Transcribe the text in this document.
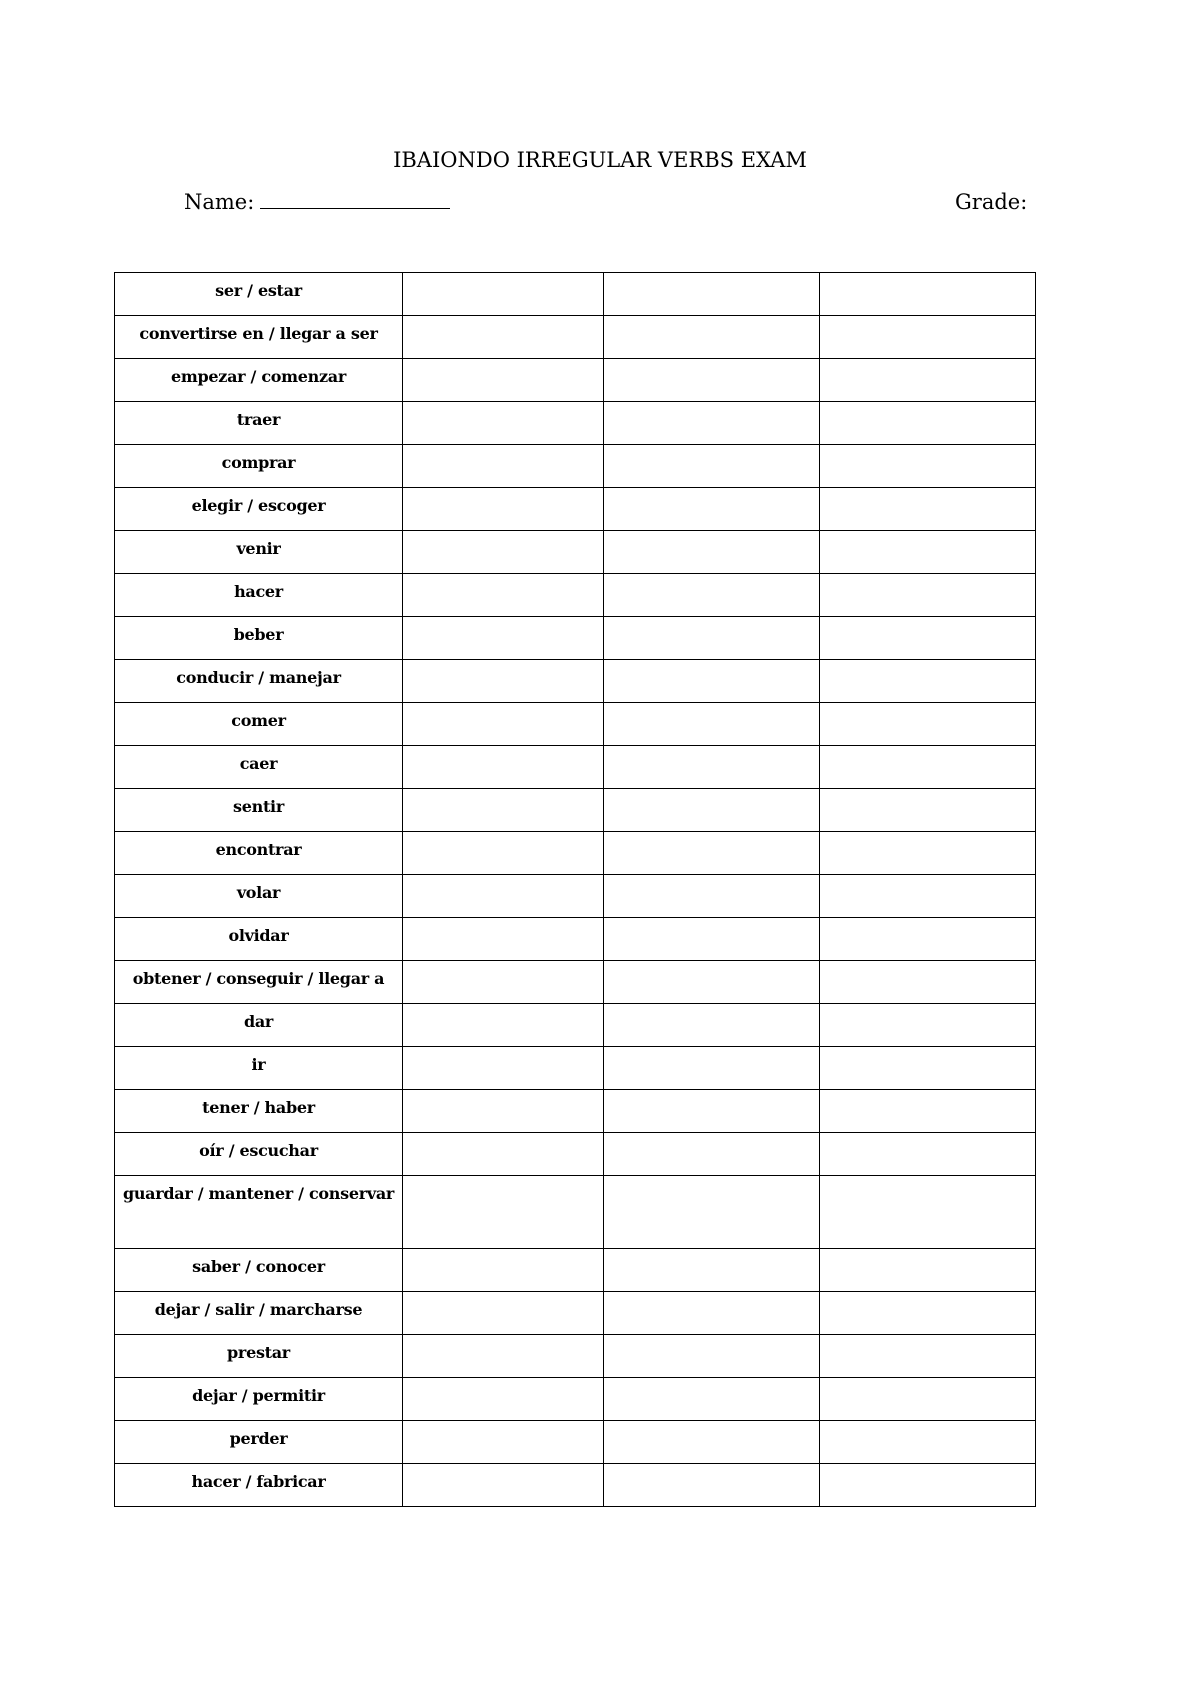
IBAIONDO IRREGULAR VERBS EXAM
Name:	Grade:
ser / estar			
convertirse en / llegar a ser			
empezar / comenzar			
traer			
comprar			
elegir / escoger			
venir			
hacer			
beber			
conducir / manejar			
comer			
caer			
sentir			
encontrar			
volar			
olvidar			
obtener / conseguir / llegar a			
dar			
ir			
tener / haber			
oír / escuchar			
guardar / mantener / conservar			
saber / conocer			
dejar / salir / marcharse			
prestar			
dejar / permitir			
perder			
hacer / fabricar			
